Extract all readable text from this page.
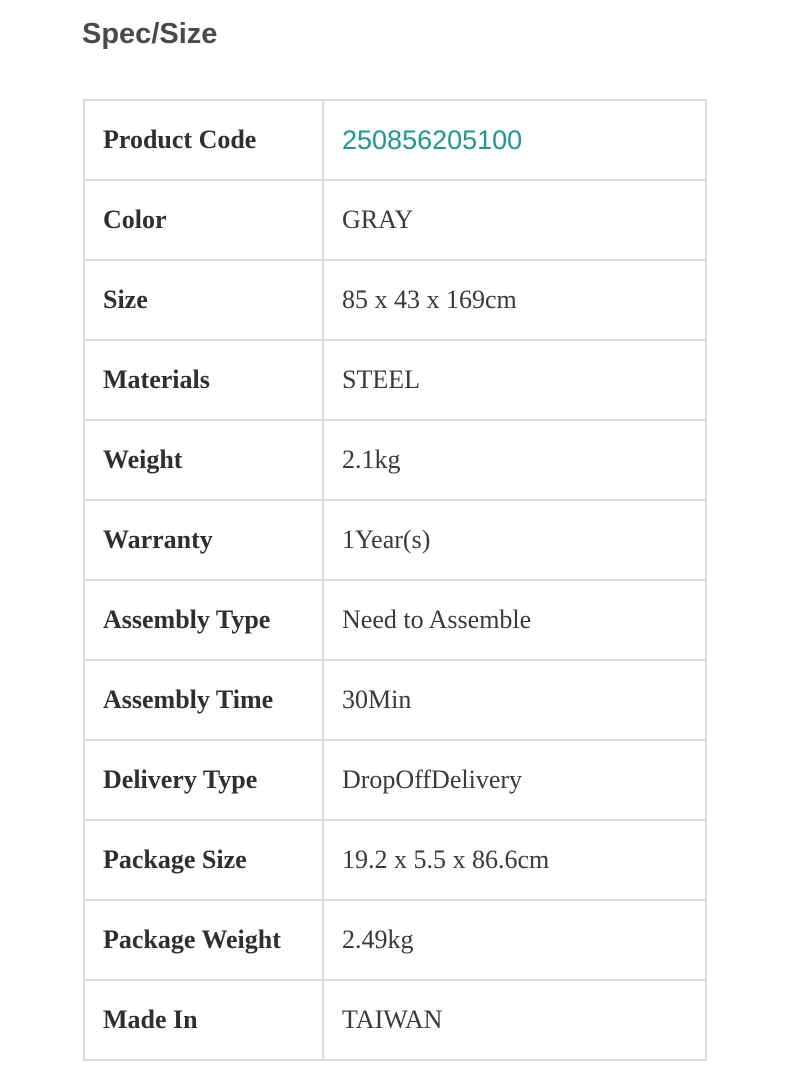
Spec/Size
Product Code	250856205100
Color	GRAY
Size	85 x 43 x 169cm
Materials	STEEL
Weight	2.1kg
Warranty	1Year(s)
Assembly Type	Need to Assemble
Assembly Time	30Min
Delivery Type	DropOffDelivery
Package Size	19.2 x 5.5 x 86.6cm
Package Weight	2.49kg
Made In	TAIWAN
